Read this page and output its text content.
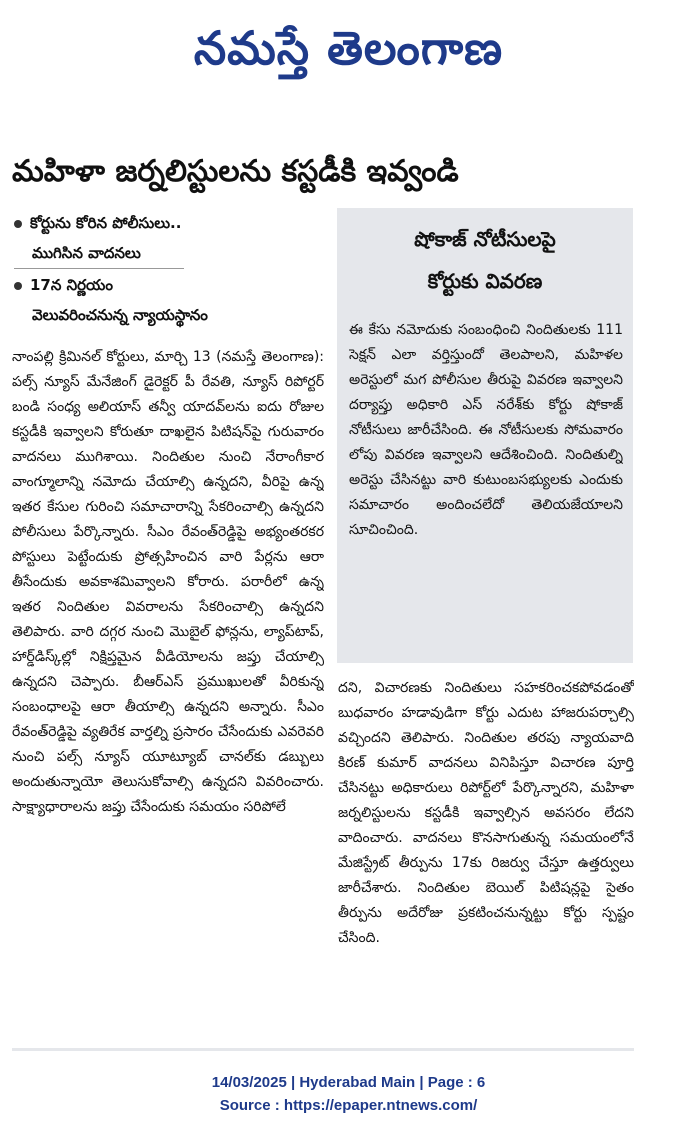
నమస్తే తెలంగాణ
మహిళా జర్నలిస్టులను కస్టడీకి ఇవ్వండి
కోర్టును కోరిన పోలీసులు..
ముగిసిన వాదనలు
17న నిర్ణయం
వెలువరించనున్న న్యాయస్థానం

నాంపల్లి క్రిమినల్ కోర్టులు, మార్చి 13 (నమస్తే తెలంగాణ): పల్స్ న్యూస్ మేనేజింగ్ డైరెక్టర్ పీ రేవతి, న్యూస్ రిపోర్టర్ బండి సంధ్య అలియాస్ తన్వీ యాదవ్‌లను ఐదు రోజుల కస్టడీకి ఇవ్వాలని కోరుతూ దాఖలైన పిటిషన్‌పై గురువారం వాదనలు ముగిశాయి. నిందితుల నుంచి నేరాంగీకార వాంగ్మూలాన్ని నమోదు చేయాల్సి ఉన్నదని, వీరిపై ఉన్న ఇతర కేసుల గురించి సమాచారాన్ని సేకరించాల్సి ఉన్నదని పోలీసులు పేర్కొన్నారు. సీఎం రేవంత్‌రెడ్డిపై అభ్యంతరకర పోస్టులు పెట్టేందుకు ప్రోత్సహించిన వారి పేర్లను ఆరా తీసేందుకు అవకాశమివ్వాలని కోరారు. పరారీలో ఉన్న ఇతర నిందితుల వివరాలను సేకరించాల్సి ఉన్నదని తెలిపారు. వారి దగ్గర నుంచి మొబైల్ ఫోన్లను, ల్యాప్‌టాప్, హార్డ్‌డిస్క్‌ల్లో నిక్షిప్తమైన వీడియోలను జప్తు చేయాల్సి ఉన్నదని చెప్పారు. బీఆర్‌ఎస్ ప్రముఖులతో వీరికున్న సంబంధాలపై ఆరా తీయాల్సి ఉన్నదని అన్నారు. సీఎం రేవంత్‌రెడ్డిపై వ్యతిరేక వార్తల్ని ప్రసారం చేసేందుకు ఎవరెవరి నుంచి పల్స్ న్యూస్ యూట్యూబ్ చానల్‌కు డబ్బులు అందుతున్నాయో తెలుసుకోవాల్సి ఉన్నదని వివరించారు. సాక్ష్యాధారాలను జప్తు చేసేందుకు సమయం సరిపోలే

షోకాజ్ నోటీసులపై
కోర్టుకు వివరణ

ఈ కేసు నమోదుకు సంబంధించి నిందితులకు 111 సెక్షన్ ఎలా వర్తిస్తుందో తెలపాలని, మహిళల అరెస్టులో మగ పోలీసుల తీరుపై వివరణ ఇవ్వాలని దర్యాప్తు అధికారి ఎస్ నరేశ్‌కు కోర్టు షోకాజ్ నోటీసులు జారీచేసింది. ఈ నోటీసులకు సోమవారం లోపు వివరణ ఇవ్వాలని ఆదేశించింది. నిందితుల్ని అరెస్టు చేసినట్టు వారి కుటుంబసభ్యులకు ఎందుకు సమాచారం అందించలేదో తెలియజేయాలని సూచించింది.

దని, విచారణకు నిందితులు సహకరించకపోవడంతో బుధవారం హడావుడిగా కోర్టు ఎదుట హాజరుపర్చాల్సి వచ్చిందని తెలిపారు. నిందితుల తరపు న్యాయవాది కిరణ్ కుమార్ వాదనలు వినిపిస్తూ విచారణ పూర్తి చేసినట్టు అధికారులు రిపోర్ట్‌లో పేర్కొన్నారని, మహిళా జర్నలిస్టులను కస్టడీకి ఇవ్వాల్సిన అవసరం లేదని వాదించారు. వాదనలు కొనసాగుతున్న సమయంలోనే మేజిస్ట్రేట్ తీర్పును 17కు రిజర్వు చేస్తూ ఉత్తర్వులు జారీచేశారు. నిందితుల బెయిల్ పిటిషన్లపై సైతం తీర్పును అదేరోజు ప్రకటించనున్నట్టు కోర్టు స్పష్టం చేసింది.

14/03/2025 | Hyderabad Main | Page : 6
Source : https://epaper.ntnews.com/
